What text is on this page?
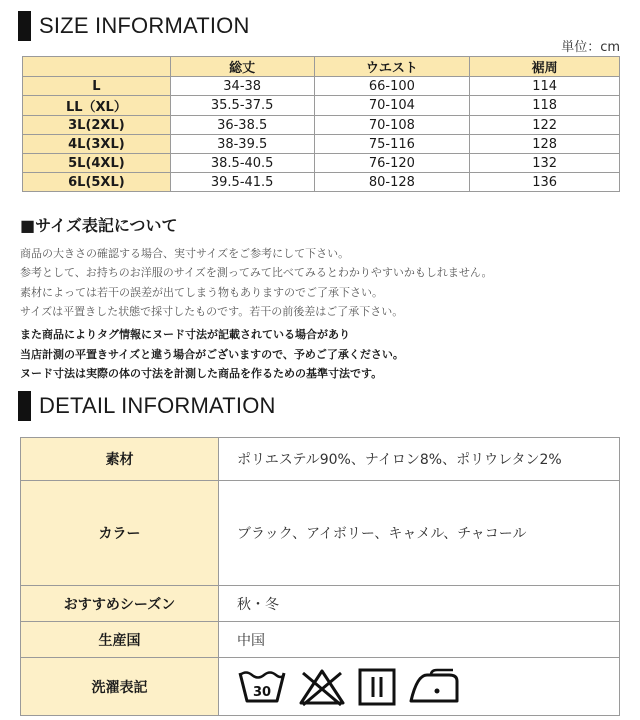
SIZE INFORMATION
単位：cm
	総丈	ウエスト	裾周
L	34-38	66-100	114
LL（XL）	35.5-37.5	70-104	118
3L(2XL)	36-38.5	70-108	122
4L(3XL)	38-39.5	75-116	128
5L(4XL)	38.5-40.5	76-120	132
6L(5XL)	39.5-41.5	80-128	136
■サイズ表記について
商品の大きさの確認する場合、実寸サイズをご参考にして下さい。
参考として、お持ちのお洋服のサイズを測ってみて比べてみるとわかりやすいかもしれません。
素材によっては若干の誤差が出てしまう物もありますのでご了承下さい。
サイズは平置きした状態で採寸したものです。若干の前後差はご了承下さい。
また商品によりタグ情報にヌード寸法が記載されている場合があり
当店計測の平置きサイズと違う場合がございますので、予めご了承ください。
ヌード寸法は実際の体の寸法を計測した商品を作るための基準寸法です。
DETAIL INFORMATION
素材	ポリエステル90%、ナイロン8%、ポリウレタン2%
カラー	ブラック、アイボリー、キャメル、チャコール
おすすめシーズン	秋・冬
生産国	中国
洗濯表記	30
